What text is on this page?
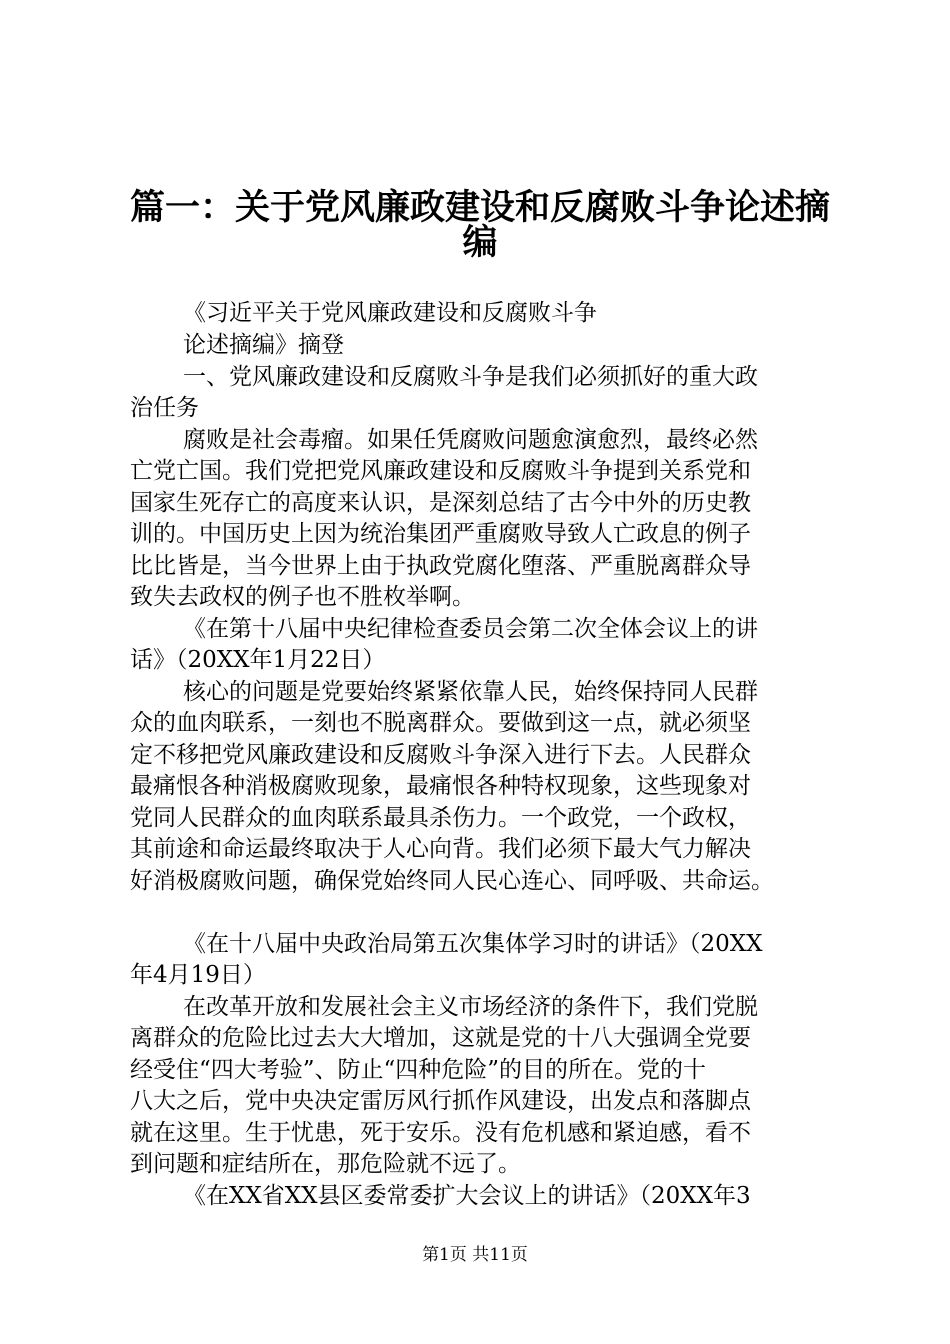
篇一：关于党风廉政建设和反腐败斗争论述摘
编
《习近平关于党风廉政建设和反腐败斗争
论述摘编》摘登
一、党风廉政建设和反腐败斗争是我们必须抓好的重大政
治任务
腐败是社会毒瘤。如果任凭腐败问题愈演愈烈，最终必然
亡党亡国。我们党把党风廉政建设和反腐败斗争提到关系党和
国家生死存亡的高度来认识，是深刻总结了古今中外的历史教
训的。中国历史上因为统治集团严重腐败导致人亡政息的例子
比比皆是，当今世界上由于执政党腐化堕落、严重脱离群众导
致失去政权的例子也不胜枚举啊。
《在第十八届中央纪律检查委员会第二次全体会议上的讲
话》（20XX年1月22日）
核心的问题是党要始终紧紧依靠人民，始终保持同人民群
众的血肉联系，一刻也不脱离群众。要做到这一点，就必须坚
定不移把党风廉政建设和反腐败斗争深入进行下去。人民群众
最痛恨各种消极腐败现象，最痛恨各种特权现象，这些现象对
党同人民群众的血肉联系最具杀伤力。一个政党，一个政权，
其前途和命运最终取决于人心向背。我们必须下最大气力解决
好消极腐败问题，确保党始终同人民心连心、同呼吸、共命运。
《在十八届中央政治局第五次集体学习时的讲话》（20XX
年4月19日）
在改革开放和发展社会主义市场经济的条件下，我们党脱
离群众的危险比过去大大增加，这就是党的十八大强调全党要
经受住“四大考验”、防止“四种危险”的目的所在。党的十
八大之后，党中央决定雷厉风行抓作风建设，出发点和落脚点
就在这里。生于忧患，死于安乐。没有危机感和紧迫感，看不
到问题和症结所在，那危险就不远了。
《在XX省XX县区委常委扩大会议上的讲话》（20XX年3
第1页 共11页
